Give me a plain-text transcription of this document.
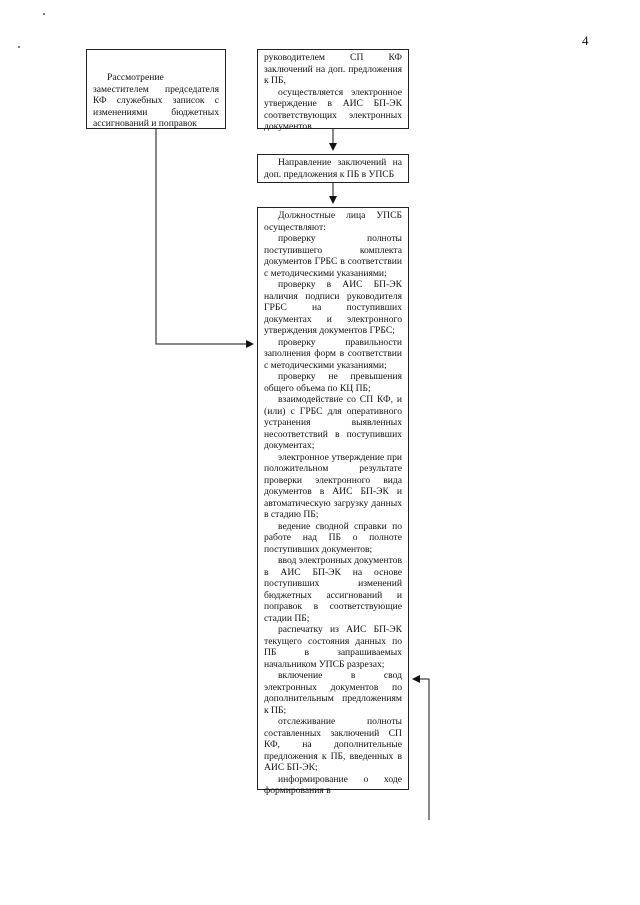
4

Рассмотрение заместителем председателя КФ служебных записок с изменениями бюджетных ассигнований и поправок

руководителем СП КФ заключений на доп. предложения к ПБ,

осуществляется электронное утверждение в АИС БП-ЭК соответствующих электронных документов

Направление заключений на доп. предложения к ПБ в УПСБ

Должностные лица УПСБ осуществляют:

проверку полноты поступившего комплекта документов ГРБС в соответствии с методическими указаниями;

проверку в АИС БП-ЭК наличия подписи руководителя ГРБС на поступивших документах и электронного утверждения документов ГРБС;

проверку правильности заполнения форм в соответствии с методическими указаниями;

проверку не превышения общего объема по КЦ ПБ;

взаимодействие со СП КФ, и (или) с ГРБС для оперативного устранения выявленных несоответствий в поступивших документах;

электронное утверждение при положительном результате проверки электронного вида документов в АИС БП-ЭК и автоматическую загрузку данных в стадию ПБ;

ведение сводной справки по работе над ПБ о полноте поступивших документов;

ввод электронных документов в АИС БП-ЭК на основе поступивших изменений бюджетных ассигнований и поправок в соответствующие стадии ПБ;

распечатку из АИС БП-ЭК текущего состояния данных по ПБ в запрашиваемых начальником УПСБ разрезах;

включение в свод электронных документов по дополнительным предложениям к ПБ;

отслеживание полноты составленных заключений СП КФ, на дополнительные предложения к ПБ, введенных в АИС БП-ЭК;

информирование о ходе формирования в
